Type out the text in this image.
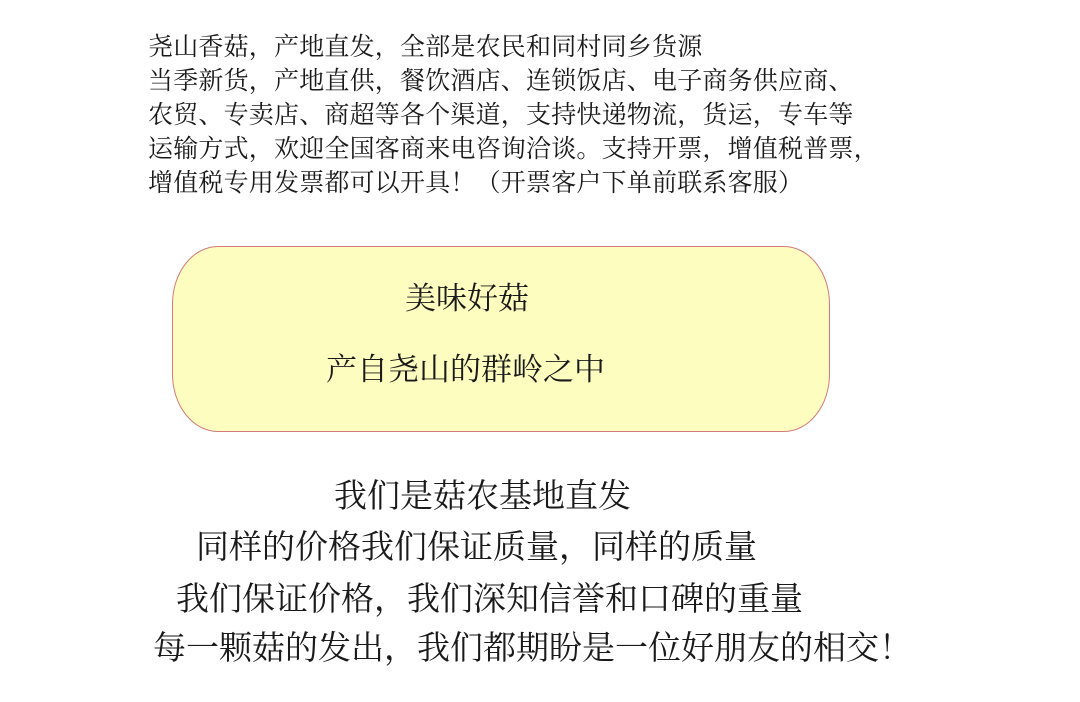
尧山香菇，产地直发，全部是农民和同村同乡货源
当季新货，产地直供，餐饮酒店、连锁饭店、电子商务供应商、
农贸、专卖店、商超等各个渠道，支持快递物流，货运，专车等
运输方式，欢迎全国客商来电咨询洽谈。支持开票，增值税普票，
增值税专用发票都可以开具！（开票客户下单前联系客服）
美味好菇
产自尧山的群岭之中
我们是菇农基地直发
同样的价格我们保证质量，同样的质量
我们保证价格，我们深知信誉和口碑的重量
每一颗菇的发出，我们都期盼是一位好朋友的相交！
